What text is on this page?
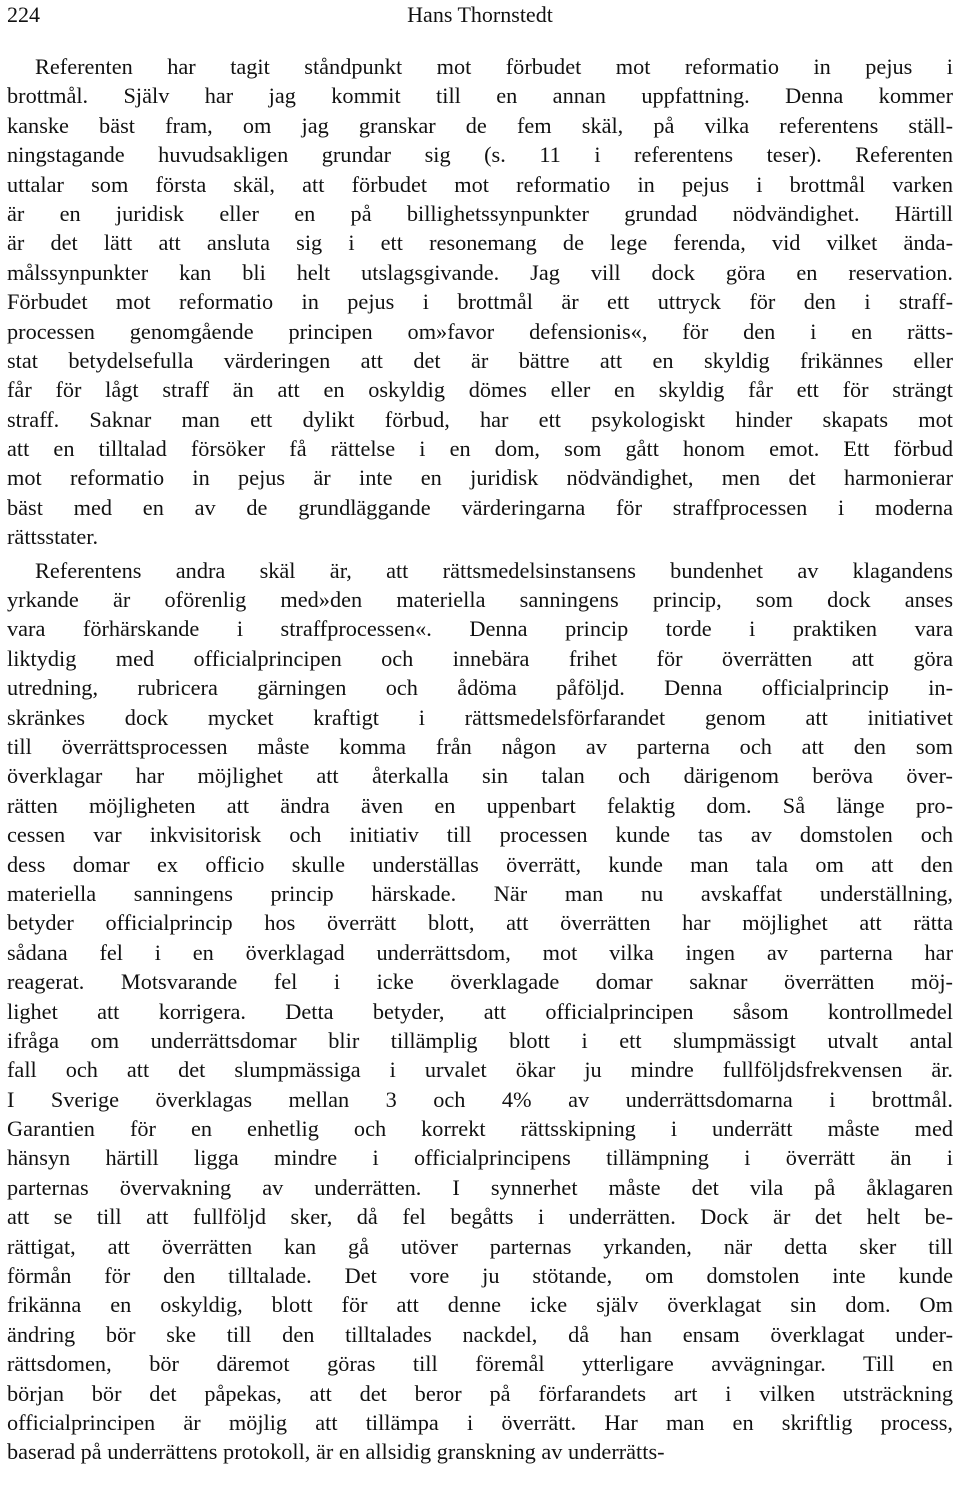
224	Hans Thornstedt
Referenten har tagit ståndpunkt mot förbudet mot reformatio in pejus i
brottmål. Själv har jag kommit till en annan uppfattning. Denna kommer
kanske bäst fram, om jag granskar de fem skäl, på vilka referentens ställ-
ningstagande huvudsakligen grundar sig (s. 11 i referentens teser). Referenten
uttalar som första skäl, att förbudet mot reformatio in pejus i brottmål varken
är en juridisk eller en på billighetssynpunkter grundad nödvändighet. Härtill
är det lätt att ansluta sig i ett resonemang de lege ferenda, vid vilket ända-
målssynpunkter kan bli helt utslagsgivande. Jag vill dock göra en reservation.
Förbudet mot reformatio in pejus i brottmål är ett uttryck för den i straff-
processen genomgående principen om»favor defensionis«, för den i en rätts-
stat betydelsefulla värderingen att det är bättre att en skyldig frikännes eller
får för lågt straff än att en oskyldig dömes eller en skyldig får ett för strängt
straff. Saknar man ett dylikt förbud, har ett psykologiskt hinder skapats mot
att en tilltalad försöker få rättelse i en dom, som gått honom emot. Ett förbud
mot reformatio in pejus är inte en juridisk nödvändighet, men det harmonierar
bäst med en av de grundläggande värderingarna för straffprocessen i moderna
rättsstater.
Referentens andra skäl är, att rättsmedelsinstansens bundenhet av klagandens
yrkande är oförenlig med»den materiella sanningens princip, som dock anses
vara förhärskande i straffprocessen«. Denna princip torde i praktiken vara
liktydig med officialprincipen och innebära frihet för överrätten att göra
utredning, rubricera gärningen och ådöma påföljd. Denna officialprincip in-
skränkes dock mycket kraftigt i rättsmedelsförfarandet genom att initiativet
till överrättsprocessen måste komma från någon av parterna och att den som
överklagar har möjlighet att återkalla sin talan och därigenom beröva över-
rätten möjligheten att ändra även en uppenbart felaktig dom. Så länge pro-
cessen var inkvisitorisk och initiativ till processen kunde tas av domstolen och
dess domar ex officio skulle underställas överrätt, kunde man tala om att den
materiella sanningens princip härskade. När man nu avskaffat underställning,
betyder officialprincip hos överrätt blott, att överrätten har möjlighet att rätta
sådana fel i en överklagad underrättsdom, mot vilka ingen av parterna har
reagerat. Motsvarande fel i icke överklagade domar saknar överrätten möj-
lighet att korrigera. Detta betyder, att officialprincipen såsom kontrollmedel
ifråga om underrättsdomar blir tillämplig blott i ett slumpmässigt utvalt antal
fall och att det slumpmässiga i urvalet ökar ju mindre fullföljdsfrekvensen är.
I Sverige överklagas mellan 3 och 4% av underrättsdomarna i brottmål.
Garantien för en enhetlig och korrekt rättsskipning i underrätt måste med
hänsyn härtill ligga mindre i officialprincipens tillämpning i överrätt än i
parternas övervakning av underrätten. I synnerhet måste det vila på åklagaren
att se till att fullföljd sker, då fel begåtts i underrätten. Dock är det helt be-
rättigat, att överrätten kan gå utöver parternas yrkanden, när detta sker till
förmån för den tilltalade. Det vore ju stötande, om domstolen inte kunde
frikänna en oskyldig, blott för att denne icke själv överklagat sin dom. Om
ändring bör ske till den tilltalades nackdel, då han ensam överklagat under-
rättsdomen, bör däremot göras till föremål ytterligare avvägningar. Till en
början bör det påpekas, att det beror på förfarandets art i vilken utsträckning
officialprincipen är möjlig att tillämpa i överrätt. Har man en skriftlig process,
baserad på underrättens protokoll, är en allsidig granskning av underrätts-
